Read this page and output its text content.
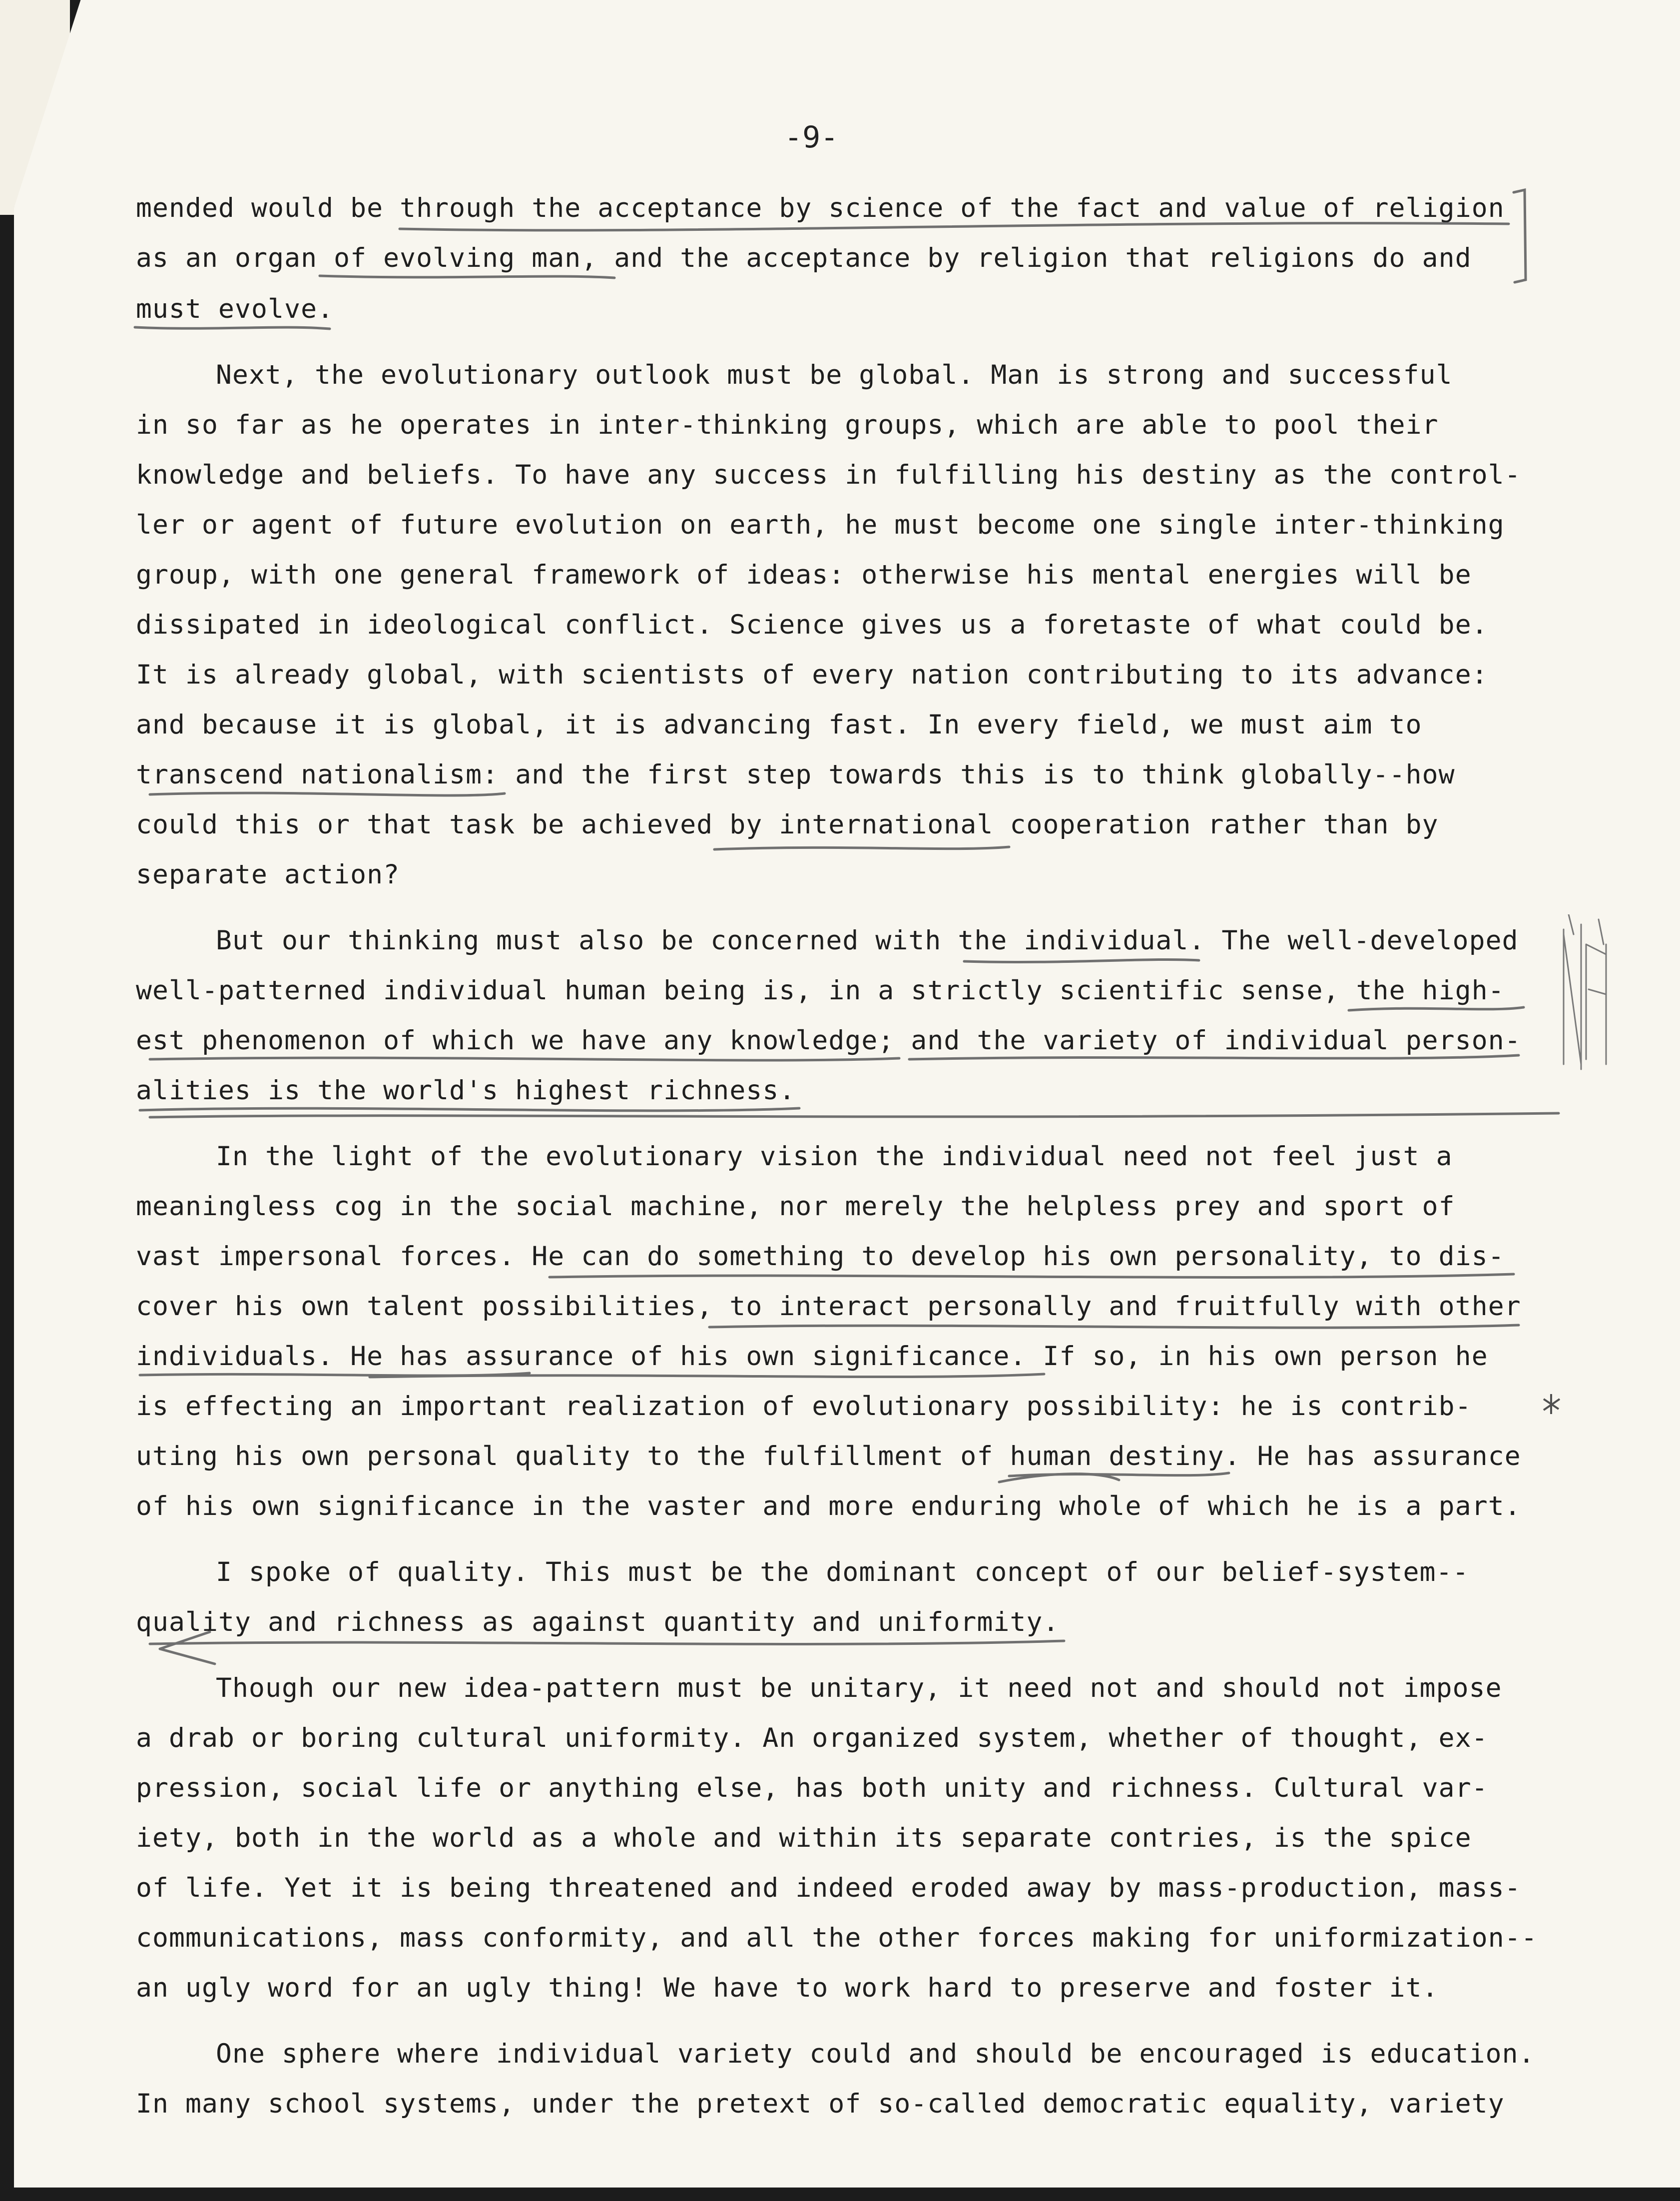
-9-

mended would be through the acceptance by science of the fact and value of religion

as an organ of evolving man, and the acceptance by religion that religions do and

must evolve.

Next, the evolutionary outlook must be global. Man is strong and successful

in so far as he operates in inter-thinking groups, which are able to pool their

knowledge and beliefs. To have any success in fulfilling his destiny as the control-

ler or agent of future evolution on earth, he must become one single inter-thinking

group, with one general framework of ideas: otherwise his mental energies will be

dissipated in ideological conflict. Science gives us a foretaste of what could be.

It is already global, with scientists of every nation contributing to its advance:

and because it is global, it is advancing fast. In every field, we must aim to

transcend nationalism: and the first step towards this is to think globally--how

could this or that task be achieved by international cooperation rather than by

separate action?

But our thinking must also be concerned with the individual. The well-developed

well-patterned individual human being is, in a strictly scientific sense, the high-

est phenomenon of which we have any knowledge; and the variety of individual person-

alities is the world's highest richness.

In the light of the evolutionary vision the individual need not feel just a

meaningless cog in the social machine, nor merely the helpless prey and sport of

vast impersonal forces. He can do something to develop his own personality, to dis-

cover his own talent possibilities, to interact personally and fruitfully with other

individuals. He has assurance of his own significance. If so, in his own person he

is effecting an important realization of evolutionary possibility: he is contrib-

uting his own personal quality to the fulfillment of human destiny. He has assurance

of his own significance in the vaster and more enduring whole of which he is a part.

I spoke of quality. This must be the dominant concept of our belief-system--

quality and richness as against quantity and uniformity.

Though our new idea-pattern must be unitary, it need not and should not impose

a drab or boring cultural uniformity. An organized system, whether of thought, ex-

pression, social life or anything else, has both unity and richness. Cultural var-

iety, both in the world as a whole and within its separate contries, is the spice

of life. Yet it is being threatened and indeed eroded away by mass-production, mass-

communications, mass conformity, and all the other forces making for uniformization--

an ugly word for an ugly thing! We have to work hard to preserve and foster it.

One sphere where individual variety could and should be encouraged is education.

In many school systems, under the pretext of so-called democratic equality, variety
